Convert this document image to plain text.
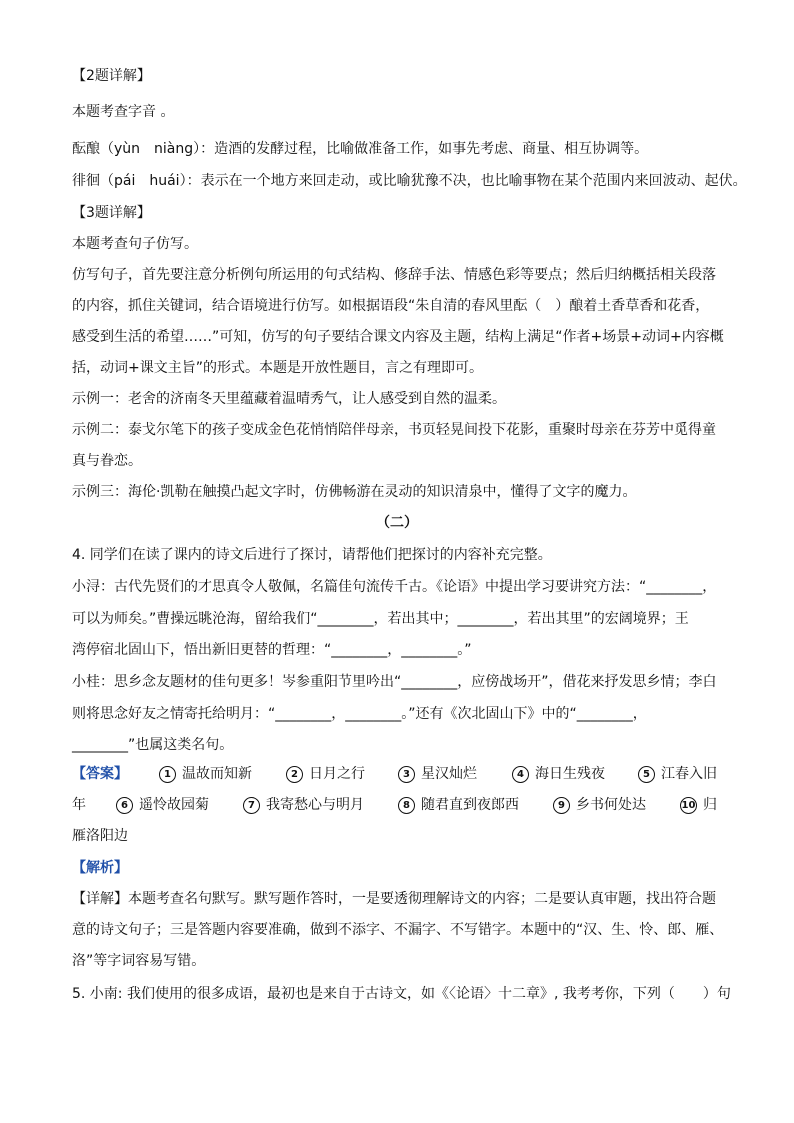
【2题详解】
本题考查字音 。
酝酿（yùn　niàng）：造酒的发酵过程，比喻做准备工作，如事先考虑、商量、相互协调等。
徘徊（pái　huái）：表示在一个地方来回走动，或比喻犹豫不决，也比喻事物在某个范围内来回波动、起伏。
【3题详解】
本题考查句子仿写。
仿写句子，首先要注意分析例句所运用的句式结构、修辞手法、情感色彩等要点；然后归纳概括相关段落
的内容，抓住关键词，结合语境进行仿写。如根据语段“朱自清的春风里酝（　）酿着土香草香和花香，
感受到生活的希望……”可知，仿写的句子要结合课文内容及主题，结构上满足“作者+场景+动词+内容概
括，动词+课文主旨”的形式。本题是开放性题目，言之有理即可。
示例一：老舍的济南冬天里蕴藏着温晴秀气，让人感受到自然的温柔。
示例二：泰戈尔笔下的孩子变成金色花悄悄陪伴母亲，书页轻晃间投下花影，重聚时母亲在芬芳中觅得童
真与眷恋。
示例三：海伦·凯勒在触摸凸起文字时，仿佛畅游在灵动的知识清泉中，懂得了文字的魔力。
（二）
4. 同学们在读了课内的诗文后进行了探讨，请帮他们把探讨的内容补充完整。
小浔：古代先贤们的才思真令人敬佩，名篇佳句流传千古。《论语》中提出学习要讲究方法：“________，
可以为师矣。”曹操远眺沧海，留给我们“________，若出其中；________，若出其里”的宏阔境界；王
湾停宿北固山下，悟出新旧更替的哲理：“________，________。”
小桂：思乡念友题材的佳句更多！岑参重阳节里吟出“________，应傍战场开”，借花来抒发思乡情；李白
则将思念好友之情寄托给明月：“________，________。”还有《次北固山下》中的“________，
________”也属这类名句。
【答案】	1 温故而知新	2 日月之行	3 星汉灿烂	4 海日生残夜	5 江春入旧
年	6 遥怜故园菊	7 我寄愁心与明月	8 随君直到夜郎西	9 乡书何处达	10 归
雁洛阳边
【解析】
【详解】本题考查名句默写。默写题作答时，一是要透彻理解诗文的内容；二是要认真审题，找出符合题
意的诗文句子；三是答题内容要准确，做到不添字、不漏字、不写错字。本题中的“汉、生、怜、郎、雁、
洛”等字词容易写错。
5. 小南: 我们使用的很多成语，最初也是来自于古诗文，如《〈论语〉十二章》, 我考考你，下列（　　）句
